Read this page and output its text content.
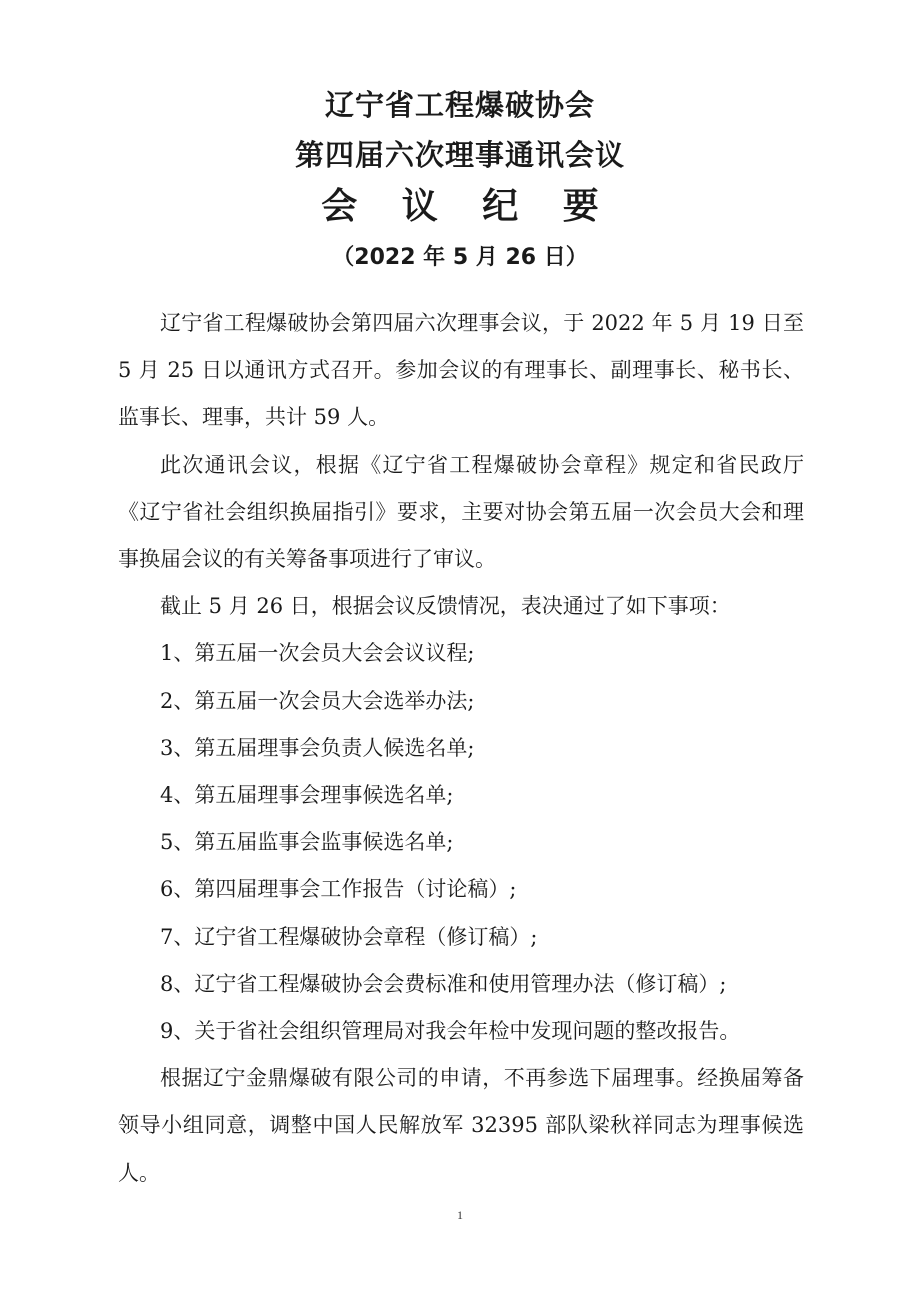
辽宁省工程爆破协会
第四届六次理事通讯会议
会 议 纪 要
（2022 年 5 月 26 日）

辽宁省工程爆破协会第四届六次理事会议，于 2022 年 5 月 19 日至 5 月 25 日以通讯方式召开。参加会议的有理事长、副理事长、秘书长、监事长、理事，共计 59 人。

此次通讯会议，根据《辽宁省工程爆破协会章程》规定和省民政厅《辽宁省社会组织换届指引》要求，主要对协会第五届一次会员大会和理事换届会议的有关筹备事项进行了审议。

截止 5 月 26 日，根据会议反馈情况，表决通过了如下事项：

1、第五届一次会员大会会议议程;

2、第五届一次会员大会选举办法;

3、第五届理事会负责人候选名单;

4、第五届理事会理事候选名单;

5、第五届监事会监事候选名单;

6、第四届理事会工作报告（讨论稿）;

7、辽宁省工程爆破协会章程（修订稿）;

8、辽宁省工程爆破协会会费标准和使用管理办法（修订稿）;

9、关于省社会组织管理局对我会年检中发现问题的整改报告。

根据辽宁金鼎爆破有限公司的申请，不再参选下届理事。经换届筹备领导小组同意，调整中国人民解放军 32395 部队梁秋祥同志为理事候选人。

1
